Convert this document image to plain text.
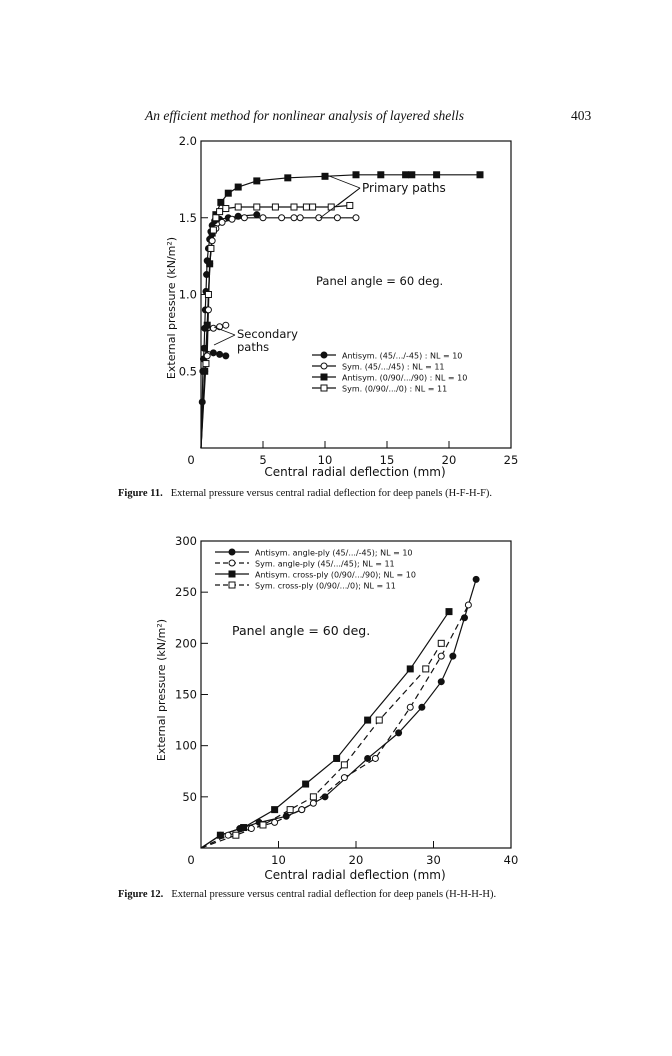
An efficient method for nonlinear analysis of layered shells	403
0	5	10	15	20	25
0.5
1.0
1.5
2.0
Central radial deflection (mm)
External pressure (kN/m²)
Primary paths
Secondary
paths
Panel angle = 60 deg.
Antisym. (45/.../-45) : NL = 10
Sym. (45/.../45) : NL = 11
Antisym. (0/90/.../90) : NL = 10
Sym. (0/90/.../0) : NL = 11
Figure 11. External pressure versus central radial deflection for deep panels (H-F-H-F).
0	10	20	30	40
50
100
150
200
250
300
Central radial deflection (mm)
External pressure (kN/m²)	Panel angle = 60 deg.
Antisym. angle-ply (45/.../-45); NL = 10
Sym. angle-ply (45/.../45); NL = 11
Antisym. cross-ply (0/90/.../90); NL = 10
Sym. cross-ply (0/90/.../0); NL = 11
Figure 12. External pressure versus central radial deflection for deep panels (H-H-H-H).
